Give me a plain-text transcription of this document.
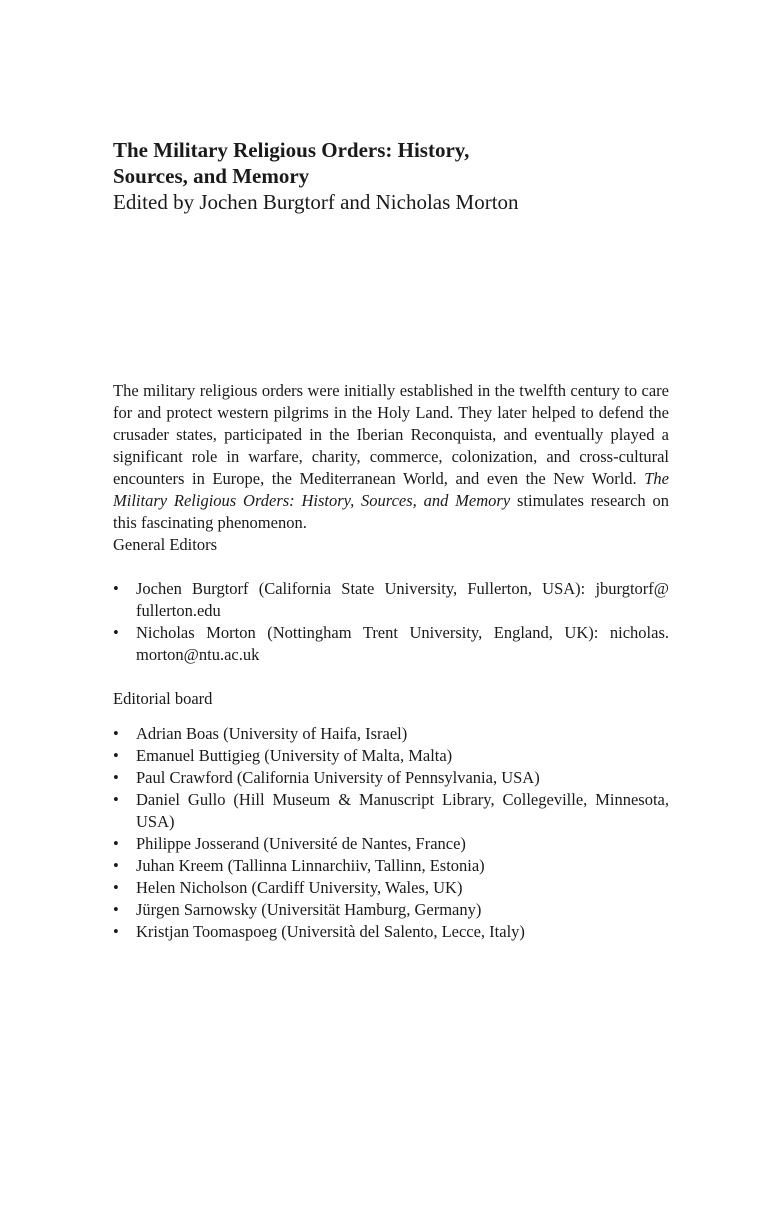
The Military Religious Orders: History,
Sources, and Memory

Edited by Jochen Burgtorf and Nicholas Morton

The military religious orders were initially established in the twelfth century to care for and protect western pilgrims in the Holy Land. They later helped to defend the crusader states, participated in the Iberian Reconquista, and eventually played a significant role in warfare, charity, commerce, colonization, and cross-cultural encounters in Europe, the Mediterranean World, and even the New World. The Military Religious Orders: History, Sources, and Memory stimulates research on this fascinating phenomenon.

General Editors

• Jochen Burgtorf (California State University, Fullerton, USA): jburgtorf@ fullerton.edu
• Nicholas Morton (Nottingham Trent University, England, UK): nicholas. morton@ntu.ac.uk

Editorial board

• Adrian Boas (University of Haifa, Israel)
• Emanuel Buttigieg (University of Malta, Malta)
• Paul Crawford (California University of Pennsylvania, USA)
• Daniel Gullo (Hill Museum & Manuscript Library, Collegeville, Minnesota, USA)
• Philippe Josserand (Université de Nantes, France)
• Juhan Kreem (Tallinna Linnarchiiv, Tallinn, Estonia)
• Helen Nicholson (Cardiff University, Wales, UK)
• Jürgen Sarnowsky (Universität Hamburg, Germany)
• Kristjan Toomaspoeg (Università del Salento, Lecce, Italy)
